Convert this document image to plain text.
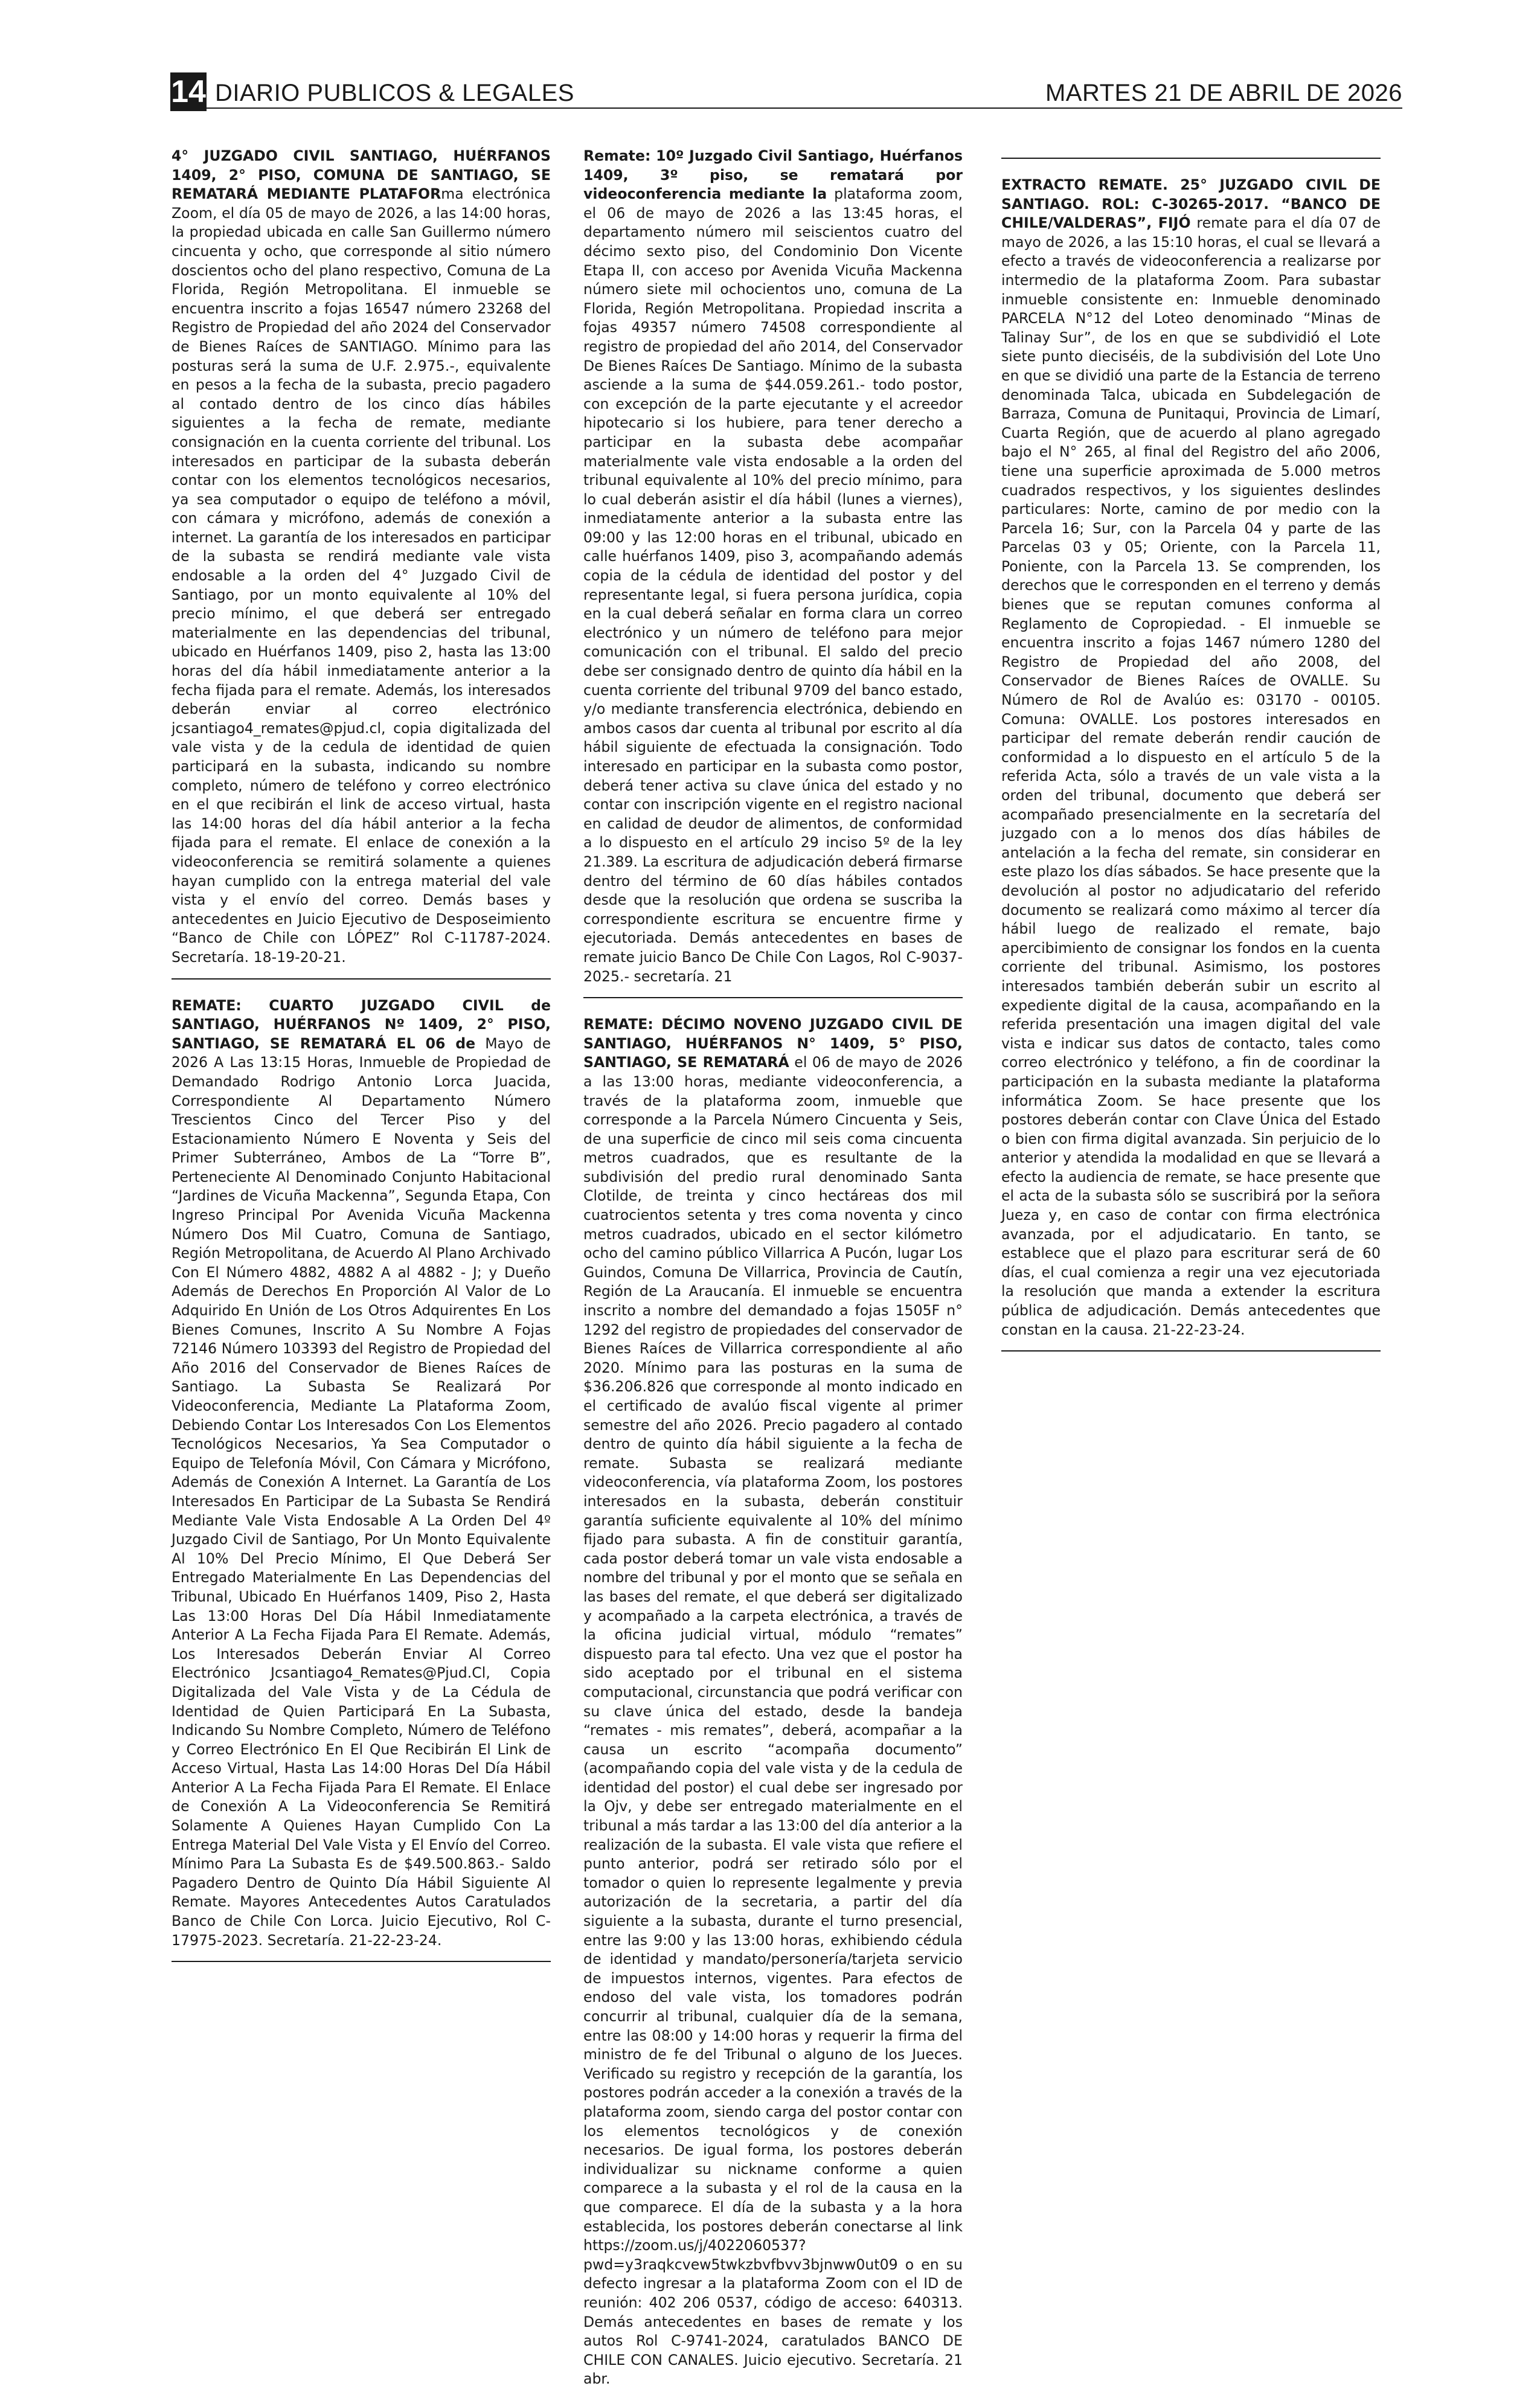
14 DIARIO PUBLICOS & LEGALES	MARTES 21 DE ABRIL DE 2026

4° JUZGADO CIVIL SANTIAGO, HUÉRFANOS 1409, 2° PISO, COMUNA DE SANTIAGO, SE REMATARÁ MEDIANTE PLATAFORma electrónica Zoom, el día 05 de mayo de 2026, a las 14:00 horas, la propiedad ubicada en calle San Guillermo número cincuenta y ocho, que corresponde al sitio número doscientos ocho del plano respectivo, Comuna de La Florida, Región Metropolitana. El inmueble se encuentra inscrito a fojas 16547 número 23268 del Registro de Propiedad del año 2024 del Conservador de Bienes Raíces de SANTIAGO. Mínimo para las posturas será la suma de U.F. 2.975.-, equivalente en pesos a la fecha de la subasta, precio pagadero al contado dentro de los cinco días hábiles siguientes a la fecha de remate, mediante consignación en la cuenta corriente del tribunal. Los interesados en participar de la subasta deberán contar con los elementos tecnológicos necesarios, ya sea computador o equipo de teléfono a móvil, con cámara y micrófono, además de conexión a internet. La garantía de los interesados en participar de la subasta se rendirá mediante vale vista endosable a la orden del 4° Juzgado Civil de Santiago, por un monto equivalente al 10% del precio mínimo, el que deberá ser entregado materialmente en las dependencias del tribunal, ubicado en Huérfanos 1409, piso 2, hasta las 13:00 horas del día hábil inmediatamente anterior a la fecha fijada para el remate. Además, los interesados deberán enviar al correo electrónico jcsantiago4_remates@pjud.cl, copia digitalizada del vale vista y de la cedula de identidad de quien participará en la subasta, indicando su nombre completo, número de teléfono y correo electrónico en el que recibirán el link de acceso virtual, hasta las 14:00 horas del día hábil anterior a la fecha fijada para el remate. El enlace de conexión a la videoconferencia se remitirá solamente a quienes hayan cumplido con la entrega material del vale vista y el envío del correo. Demás bases y antecedentes en Juicio Ejecutivo de Desposeimiento “Banco de Chile con LÓPEZ” Rol C-11787-2024. Secretaría. 18-19-20-21.

REMATE: CUARTO JUZGADO CIVIL de SANTIAGO, HUÉRFANOS Nº 1409, 2° PISO, SANTIAGO, SE REMATARÁ EL 06 de Mayo de 2026 A Las 13:15 Horas, Inmueble de Propiedad de Demandado Rodrigo Antonio Lorca Juacida, Correspondiente Al Departamento Número Trescientos Cinco del Tercer Piso y del Estacionamiento Número E Noventa y Seis del Primer Subterráneo, Ambos de La “Torre B”, Perteneciente Al Denominado Conjunto Habitacional “Jardines de Vicuña Mackenna”, Segunda Etapa, Con Ingreso Principal Por Avenida Vicuña Mackenna Número Dos Mil Cuatro, Comuna de Santiago, Región Metropolitana, de Acuerdo Al Plano Archivado Con El Número 4882, 4882 A al 4882 - J; y Dueño Además de Derechos En Proporción Al Valor de Lo Adquirido En Unión de Los Otros Adquirentes En Los Bienes Comunes, Inscrito A Su Nombre A Fojas 72146 Número 103393 del Registro de Propiedad del Año 2016 del Conservador de Bienes Raíces de Santiago. La Subasta Se Realizará Por Videoconferencia, Mediante La Plataforma Zoom, Debiendo Contar Los Interesados Con Los Elementos Tecnológicos Necesarios, Ya Sea Computador o Equipo de Telefonía Móvil, Con Cámara y Micrófono, Además de Conexión A Internet. La Garantía de Los Interesados En Participar de La Subasta Se Rendirá Mediante Vale Vista Endosable A La Orden Del 4º Juzgado Civil de Santiago, Por Un Monto Equivalente Al 10% Del Precio Mínimo, El Que Deberá Ser Entregado Materialmente En Las Dependencias del Tribunal, Ubicado En Huérfanos 1409, Piso 2, Hasta Las 13:00 Horas Del Día Hábil Inmediatamente Anterior A La Fecha Fijada Para El Remate. Además, Los Interesados Deberán Enviar Al Correo Electrónico Jcsantiago4_Remates@Pjud.Cl, Copia Digitalizada del Vale Vista y de La Cédula de Identidad de Quien Participará En La Subasta, Indicando Su Nombre Completo, Número de Teléfono y Correo Electrónico En El Que Recibirán El Link de Acceso Virtual, Hasta Las 14:00 Horas Del Día Hábil Anterior A La Fecha Fijada Para El Remate. El Enlace de Conexión A La Videoconferencia Se Remitirá Solamente A Quienes Hayan Cumplido Con La Entrega Material Del Vale Vista y El Envío del Correo. Mínimo Para La Subasta Es de $49.500.863.- Saldo Pagadero Dentro de Quinto Día Hábil Siguiente Al Remate. Mayores Antecedentes Autos Caratulados Banco de Chile Con Lorca. Juicio Ejecutivo, Rol C-17975-2023. Secretaría. 21-22-23-24.

Remate: 10º Juzgado Civil Santiago, Huérfanos 1409, 3º piso, se rematará por videoconferencia mediante la plataforma zoom, el 06 de mayo de 2026 a las 13:45 horas, el departamento número mil seiscientos cuatro del décimo sexto piso, del Condominio Don Vicente Etapa II, con acceso por Avenida Vicuña Mackenna número siete mil ochocientos uno, comuna de La Florida, Región Metropolitana. Propiedad inscrita a fojas 49357 número 74508 correspondiente al registro de propiedad del año 2014, del Conservador De Bienes Raíces De Santiago. Mínimo de la subasta asciende a la suma de $44.059.261.- todo postor, con excepción de la parte ejecutante y el acreedor hipotecario si los hubiere, para tener derecho a participar en la subasta debe acompañar materialmente vale vista endosable a la orden del tribunal equivalente al 10% del precio mínimo, para lo cual deberán asistir el día hábil (lunes a viernes), inmediatamente anterior a la subasta entre las 09:00 y las 12:00 horas en el tribunal, ubicado en calle huérfanos 1409, piso 3, acompañando además copia de la cédula de identidad del postor y del representante legal, si fuera persona jurídica, copia en la cual deberá señalar en forma clara un correo electrónico y un número de teléfono para mejor comunicación con el tribunal. El saldo del precio debe ser consignado dentro de quinto día hábil en la cuenta corriente del tribunal 9709 del banco estado, y/o mediante transferencia electrónica, debiendo en ambos casos dar cuenta al tribunal por escrito al día hábil siguiente de efectuada la consignación. Todo interesado en participar en la subasta como postor, deberá tener activa su clave única del estado y no contar con inscripción vigente en el registro nacional en calidad de deudor de alimentos, de conformidad a lo dispuesto en el artículo 29 inciso 5º de la ley 21.389. La escritura de adjudicación deberá firmarse dentro del término de 60 días hábiles contados desde que la resolución que ordena se suscriba la correspondiente escritura se encuentre firme y ejecutoriada. Demás antecedentes en bases de remate juicio Banco De Chile Con Lagos, Rol C-9037-2025.- secretaría. 21

REMATE: DÉCIMO NOVENO JUZGADO CIVIL DE SANTIAGO, HUÉRFANOS N° 1409, 5° PISO, SANTIAGO, SE REMATARÁ el 06 de mayo de 2026 a las 13:00 horas, mediante videoconferencia, a través de la plataforma zoom, inmueble que corresponde a la Parcela Número Cincuenta y Seis, de una superficie de cinco mil seis coma cincuenta metros cuadrados, que es resultante de la subdivisión del predio rural denominado Santa Clotilde, de treinta y cinco hectáreas dos mil cuatrocientos setenta y tres coma noventa y cinco metros cuadrados, ubicado en el sector kilómetro ocho del camino público Villarrica A Pucón, lugar Los Guindos, Comuna De Villarrica, Provincia de Cautín, Región de La Araucanía. El inmueble se encuentra inscrito a nombre del demandado a fojas 1505F n° 1292 del registro de propiedades del conservador de Bienes Raíces de Villarrica correspondiente al año 2020. Mínimo para las posturas en la suma de $36.206.826 que corresponde al monto indicado en el certificado de avalúo fiscal vigente al primer semestre del año 2026. Precio pagadero al contado dentro de quinto día hábil siguiente a la fecha de remate. Subasta se realizará mediante videoconferencia, vía plataforma Zoom, los postores interesados en la subasta, deberán constituir garantía suficiente equivalente al 10% del mínimo fijado para subasta. A fin de constituir garantía, cada postor deberá tomar un vale vista endosable a nombre del tribunal y por el monto que se señala en las bases del remate, el que deberá ser digitalizado y acompañado a la carpeta electrónica, a través de la oficina judicial virtual, módulo “remates” dispuesto para tal efecto. Una vez que el postor ha sido aceptado por el tribunal en el sistema computacional, circunstancia que podrá verificar con su clave única del estado, desde la bandeja “remates - mis remates”, deberá, acompañar a la causa un escrito “acompaña documento” (acompañando copia del vale vista y de la cedula de identidad del postor) el cual debe ser ingresado por la Ojv, y debe ser entregado materialmente en el tribunal a más tardar a las 13:00 del día anterior a la realización de la subasta. El vale vista que refiere el punto anterior, podrá ser retirado sólo por el tomador o quien lo represente legalmente y previa autorización de la secretaria, a partir del día siguiente a la subasta, durante el turno presencial, entre las 9:00 y las 13:00 horas, exhibiendo cédula de identidad y mandato/personería/tarjeta servicio de impuestos internos, vigentes. Para efectos de endoso del vale vista, los tomadores podrán concurrir al tribunal, cualquier día de la semana, entre las 08:00 y 14:00 horas y requerir la firma del ministro de fe del Tribunal o alguno de los Jueces. Verificado su registro y recepción de la garantía, los postores podrán acceder a la conexión a través de la plataforma zoom, siendo carga del postor contar con los elementos tecnológicos y de conexión necesarios. De igual forma, los postores deberán individualizar su nickname conforme a quien comparece a la subasta y el rol de la causa en la que comparece. El día de la subasta y a la hora establecida, los postores deberán conectarse al link https://zoom.us/j/4022060537?pwd=y3raqkcvew5twkzbvfbvv3bjnww0ut09 o en su defecto ingresar a la plataforma Zoom con el ID de reunión: 402 206 0537, código de acceso: 640313. Demás antecedentes en bases de remate y los autos Rol C-9741-2024, caratulados BANCO DE CHILE CON CANALES. Juicio ejecutivo. Secretaría. 21 abr.

EXTRACTO REMATE. 25° JUZGADO CIVIL DE SANTIAGO. ROL: C-30265-2017. “BANCO DE CHILE/VALDERAS”, FIJÓ remate para el día 07 de mayo de 2026, a las 15:10 horas, el cual se llevará a efecto a través de videoconferencia a realizarse por intermedio de la plataforma Zoom. Para subastar inmueble consistente en: Inmueble denominado PARCELA N°12 del Loteo denominado “Minas de Talinay Sur”, de los en que se subdividió el Lote siete punto dieciséis, de la subdivisión del Lote Uno en que se dividió una parte de la Estancia de terreno denominada Talca, ubicada en Subdelegación de Barraza, Comuna de Punitaqui, Provincia de Limarí, Cuarta Región, que de acuerdo al plano agregado bajo el N° 265, al final del Registro del año 2006, tiene una superficie aproximada de 5.000 metros cuadrados respectivos, y los siguientes deslindes particulares: Norte, camino de por medio con la Parcela 16; Sur, con la Parcela 04 y parte de las Parcelas 03 y 05; Oriente, con la Parcela 11, Poniente, con la Parcela 13. Se comprenden, los derechos que le corresponden en el terreno y demás bienes que se reputan comunes conforma al Reglamento de Copropiedad. - El inmueble se encuentra inscrito a fojas 1467 número 1280 del Registro de Propiedad del año 2008, del Conservador de Bienes Raíces de OVALLE. Su Número de Rol de Avalúo es: 03170 - 00105. Comuna: OVALLE. Los postores interesados en participar del remate deberán rendir caución de conformidad a lo dispuesto en el artículo 5 de la referida Acta, sólo a través de un vale vista a la orden del tribunal, documento que deberá ser acompañado presencialmente en la secretaría del juzgado con a lo menos dos días hábiles de antelación a la fecha del remate, sin considerar en este plazo los días sábados. Se hace presente que la devolución al postor no adjudicatario del referido documento se realizará como máximo al tercer día hábil luego de realizado el remate, bajo apercibimiento de consignar los fondos en la cuenta corriente del tribunal. Asimismo, los postores interesados también deberán subir un escrito al expediente digital de la causa, acompañando en la referida presentación una imagen digital del vale vista e indicar sus datos de contacto, tales como correo electrónico y teléfono, a fin de coordinar la participación en la subasta mediante la plataforma informática Zoom. Se hace presente que los postores deberán contar con Clave Única del Estado o bien con firma digital avanzada. Sin perjuicio de lo anterior y atendida la modalidad en que se llevará a efecto la audiencia de remate, se hace presente que el acta de la subasta sólo se suscribirá por la señora Jueza y, en caso de contar con firma electrónica avanzada, por el adjudicatario. En tanto, se establece que el plazo para escriturar será de 60 días, el cual comienza a regir una vez ejecutoriada la resolución que manda a extender la escritura pública de adjudicación. Demás antecedentes que constan en la causa. 21-22-23-24.
